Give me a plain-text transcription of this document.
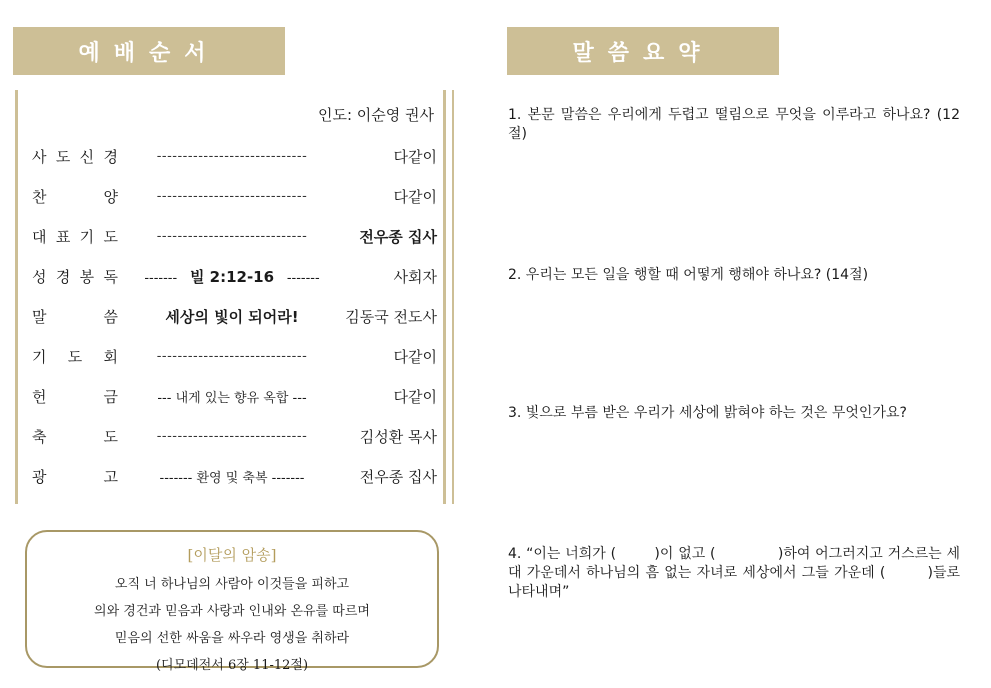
예배순서	말씀요약
인도: 이순영 권사
사 도 신 경	-----------------------------	다같이
찬	양	-----------------------------	다같이
대 표 기 도	-----------------------------	전우종 집사
성 경 봉 독	------- 빌 2:12-16 -------	사회자
말	씀	세상의 빛이 되어라!	김동국 전도사
기 도 회	-----------------------------	다같이
헌	금	--- 내게 있는 향유 옥합 ---	다같이
축	도	-----------------------------	김성환 목사
광	고	------- 환영 및 축복 -------	전우종 집사
[이달의 암송]
오직 너 하나님의 사람아 이것들을 피하고
의와 경건과 믿음과 사랑과 인내와 온유를 따르며
믿음의 선한 싸움을 싸우라 영생을 취하라
(디모데전서 6장 11-12절)
1. 본문 말씀은 우리에게 두렵고 떨림으로 무엇을 이루라고 하나요? (12절)
2. 우리는 모든 일을 행할 때 어떻게 행해야 하나요? (14절)
3. 빛으로 부름 받은 우리가 세상에 밝혀야 하는 것은 무엇인가요?
4. “이는 너희가 (        )이 없고 (             )하여 어그러지고 거스르는 세대 가운데서 하나님의 흠 없는 자녀로 세상에서 그들 가운데 (        )들로 나타내며”
